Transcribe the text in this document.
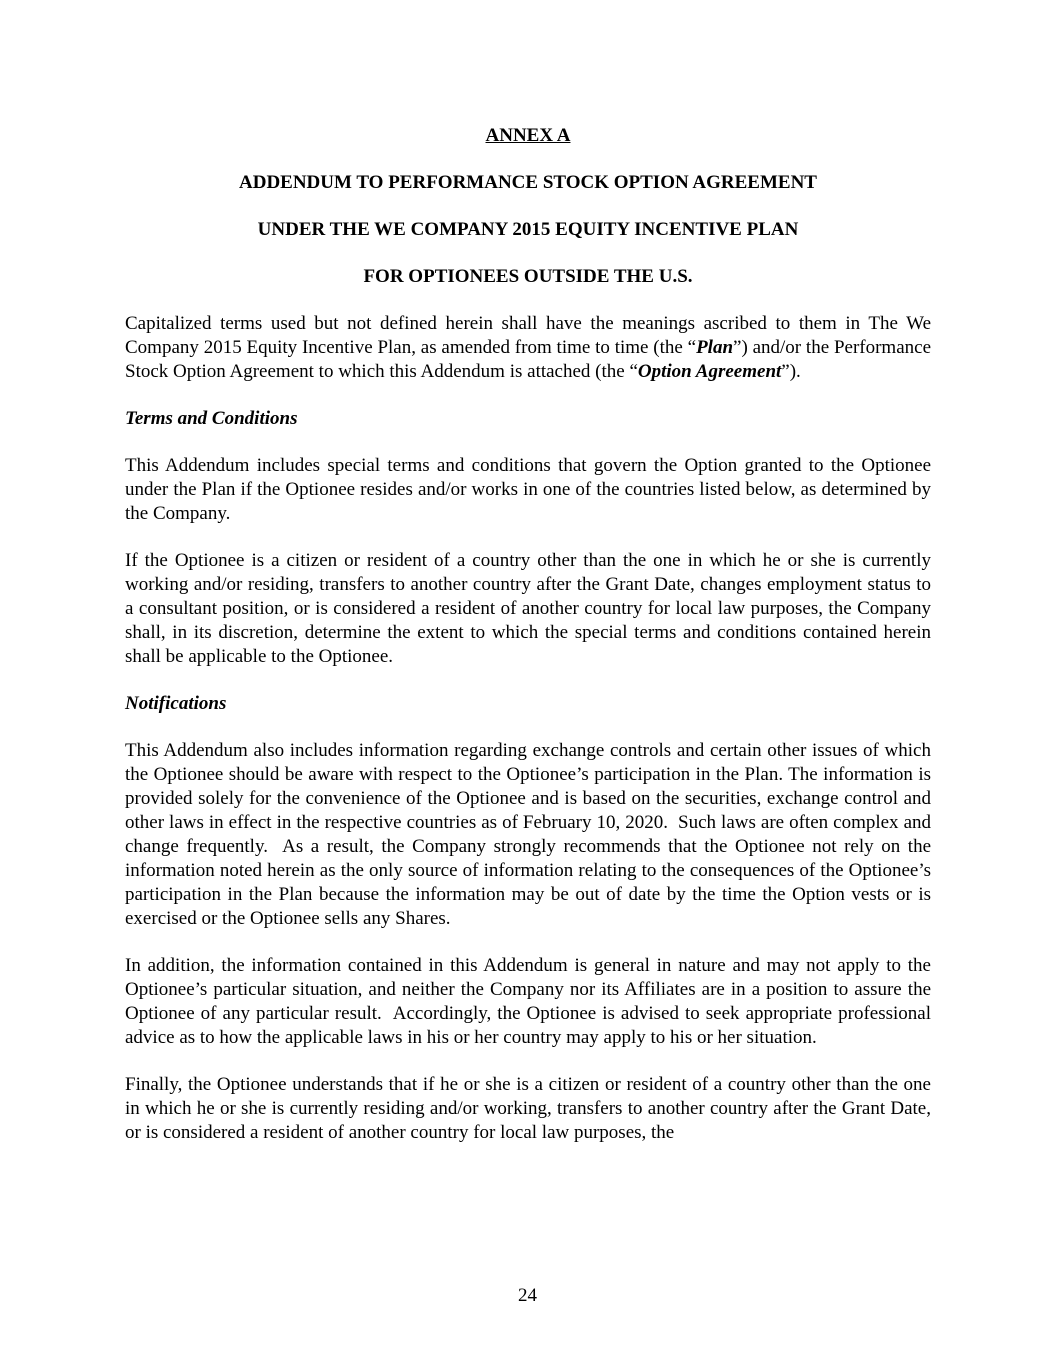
ANNEX A

ADDENDUM TO PERFORMANCE STOCK OPTION AGREEMENT

UNDER THE WE COMPANY 2015 EQUITY INCENTIVE PLAN

FOR OPTIONEES OUTSIDE THE U.S.

Capitalized terms used but not defined herein shall have the meanings ascribed to them in The We Company 2015 Equity Incentive Plan, as amended from time to time (the “Plan”) and/or the Performance Stock Option Agreement to which this Addendum is attached (the “Option Agreement”).

Terms and Conditions

This Addendum includes special terms and conditions that govern the Option granted to the Optionee under the Plan if the Optionee resides and/or works in one of the countries listed below, as determined by the Company.

If the Optionee is a citizen or resident of a country other than the one in which he or she is currently working and/or residing, transfers to another country after the Grant Date, changes employment status to a consultant position, or is considered a resident of another country for local law purposes, the Company shall, in its discretion, determine the extent to which the special terms and conditions contained herein shall be applicable to the Optionee.

Notifications

This Addendum also includes information regarding exchange controls and certain other issues of which the Optionee should be aware with respect to the Optionee’s participation in the Plan. The information is provided solely for the convenience of the Optionee and is based on the securities, exchange control and other laws in effect in the respective countries as of February 10, 2020.  Such laws are often complex and change frequently.  As a result, the Company strongly recommends that the Optionee not rely on the information noted herein as the only source of information relating to the consequences of the Optionee’s participation in the Plan because the information may be out of date by the time the Option vests or is exercised or the Optionee sells any Shares.

In addition, the information contained in this Addendum is general in nature and may not apply to the Optionee’s particular situation, and neither the Company nor its Affiliates are in a position to assure the Optionee of any particular result.  Accordingly, the Optionee is advised to seek appropriate professional advice as to how the applicable laws in his or her country may apply to his or her situation.

Finally, the Optionee understands that if he or she is a citizen or resident of a country other than the one in which he or she is currently residing and/or working, transfers to another country after the Grant Date, or is considered a resident of another country for local law purposes, the

24
